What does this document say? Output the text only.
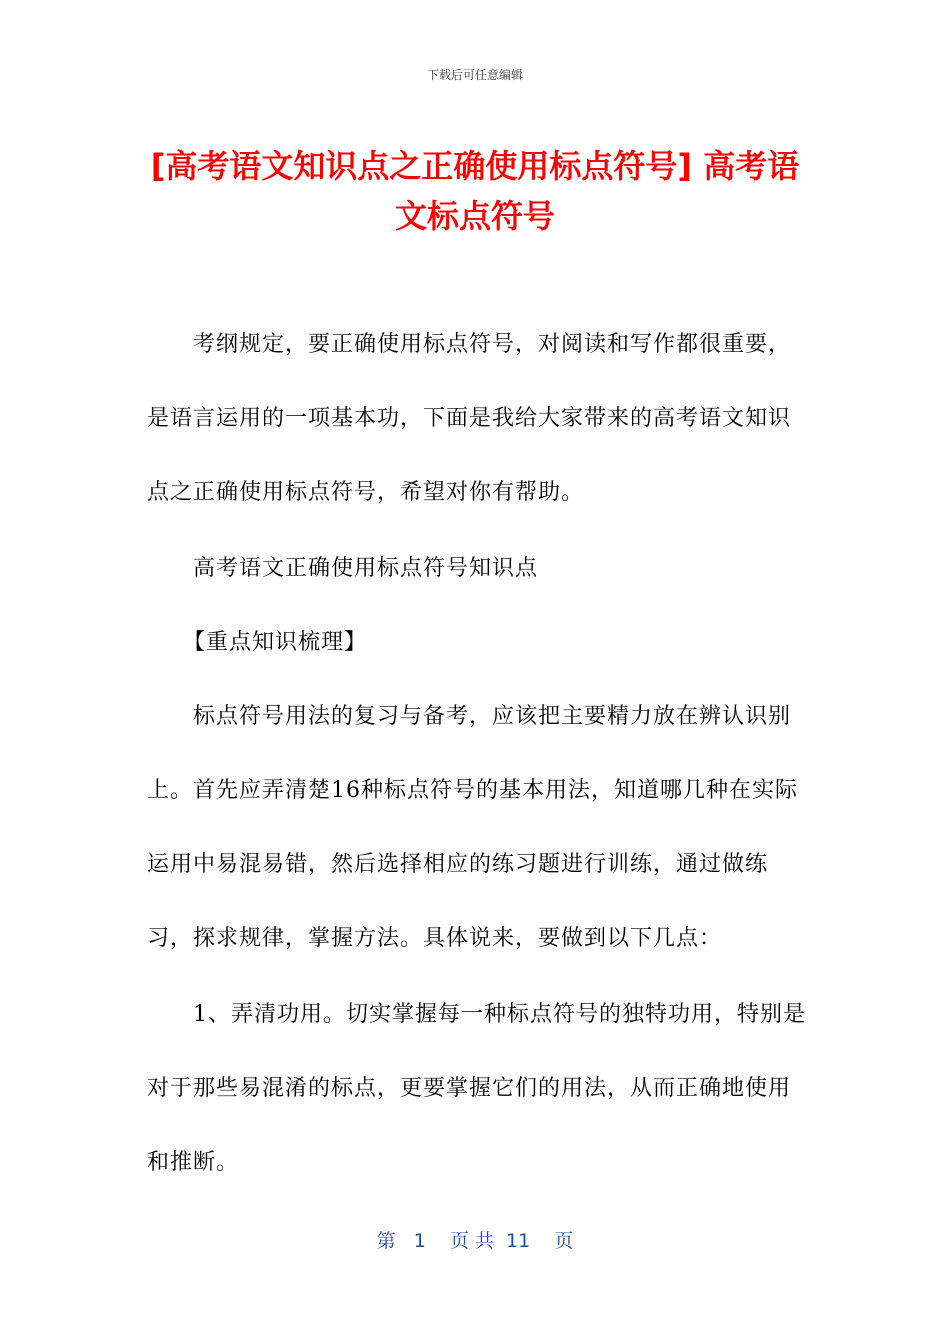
下载后可任意编辑
[高考语文知识点之正确使用标点符号] 高考语文标点符号

考纲规定，要正确使用标点符号，对阅读和写作都很重要，是语言运用的一项基本功，下面是我给大家带来的高考语文知识点之正确使用标点符号，希望对你有帮助。

高考语文正确使用标点符号知识点

【重点知识梳理】

标点符号用法的复习与备考，应该把主要精力放在辨认识别上。首先应弄清楚16种标点符号的基本用法，知道哪几种在实际运用中易混易错，然后选择相应的练习题进行训练，通过做练习，探求规律，掌握方法。具体说来，要做到以下几点：

1、弄清功用。切实掌握每一种标点符号的独特功用，特别是对于那些易混淆的标点，更要掌握它们的用法，从而正确地使用和推断。

第   1    页 共  11    页
